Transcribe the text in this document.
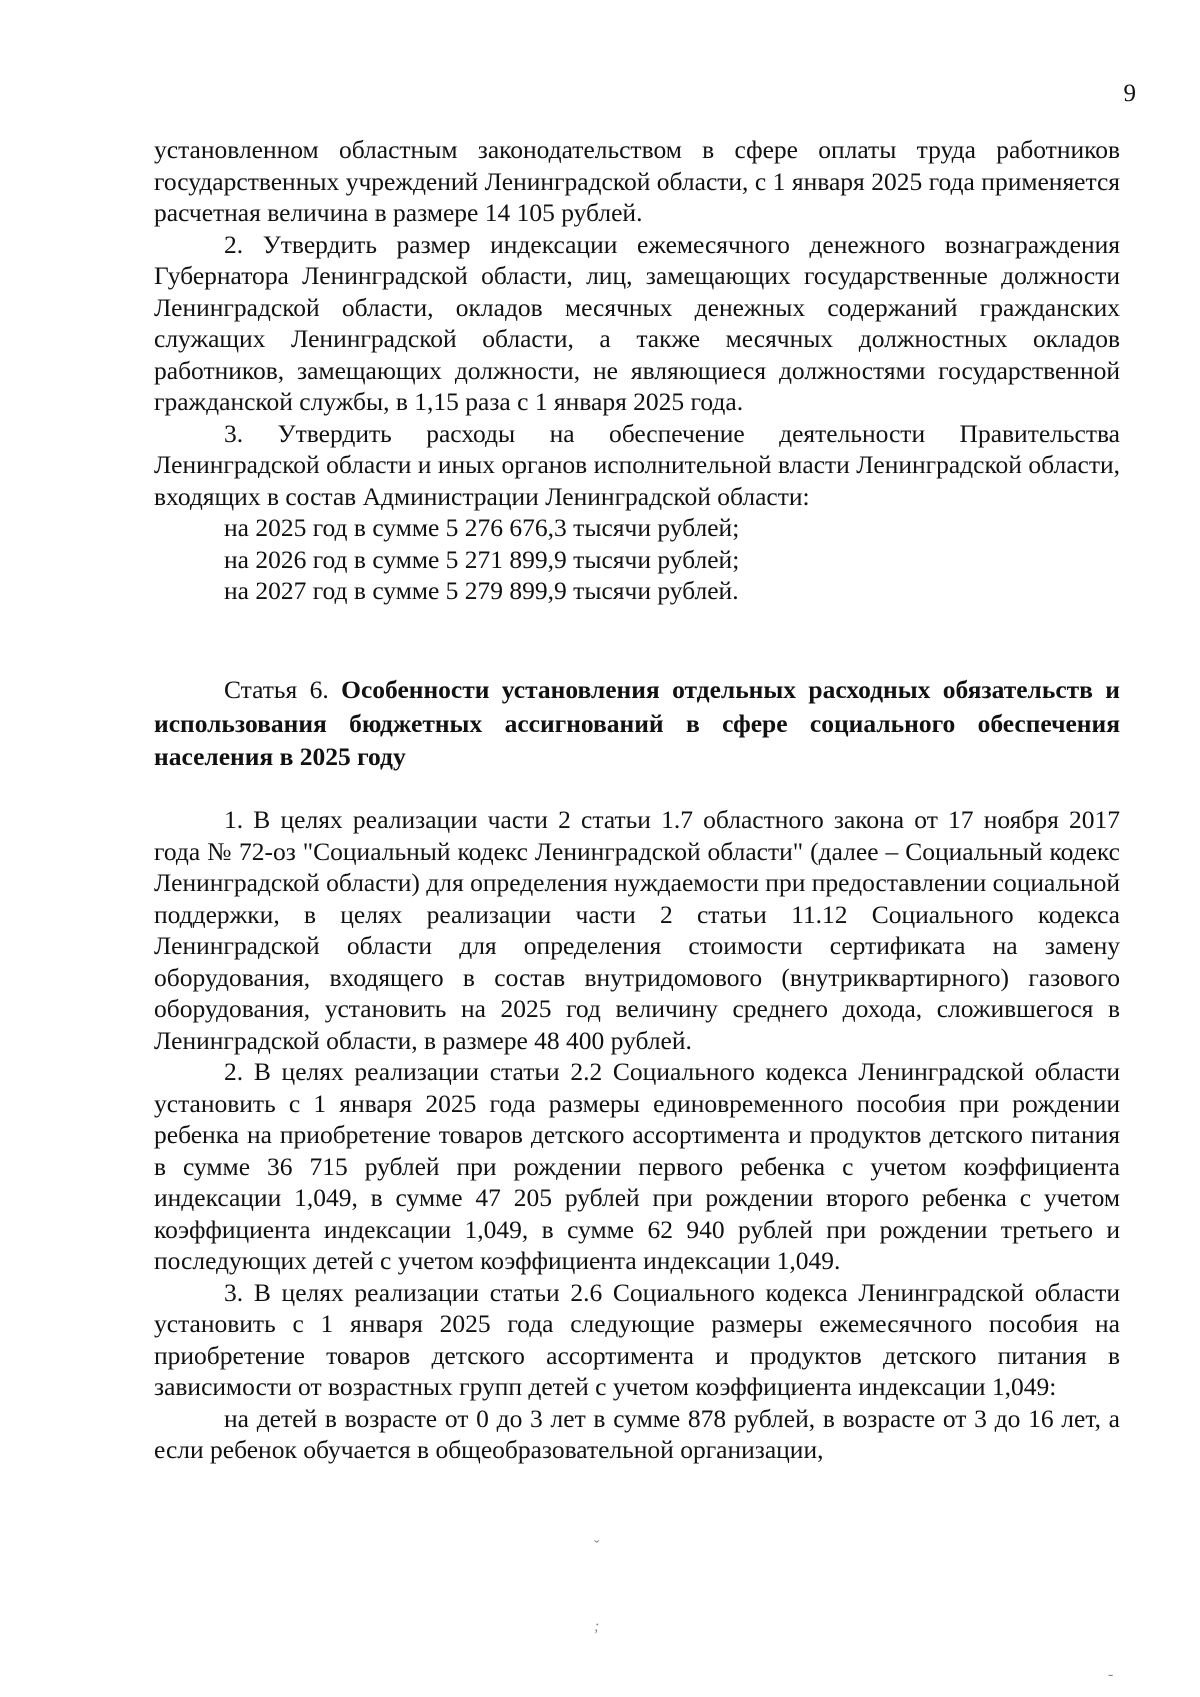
9

установленном областным законодательством в сфере оплаты труда работников государственных учреждений Ленинградской области, с 1 января 2025 года применяется расчетная величина в размере 14 105 рублей.

2. Утвердить размер индексации ежемесячного денежного вознаграждения Губернатора Ленинградской области, лиц, замещающих государственные должности Ленинградской области, окладов месячных денежных содержаний гражданских служащих Ленинградской области, а также месячных должностных окладов работников, замещающих должности, не являющиеся должностями государственной гражданской службы, в 1,15 раза с 1 января 2025 года.

3. Утвердить расходы на обеспечение деятельности Правительства Ленинградской области и иных органов исполнительной власти Ленинградской области, входящих в состав Администрации Ленинградской области:

на 2025 год в сумме 5 276 676,3 тысячи рублей;

на 2026 год в сумме 5 271 899,9 тысячи рублей;

на 2027 год в сумме 5 279 899,9 тысячи рублей.

Статья 6. Особенности установления отдельных расходных обязательств и использования бюджетных ассигнований в сфере социального обеспечения населения в 2025 году

1. В целях реализации части 2 статьи 1.7 областного закона от 17 ноября 2017 года № 72-оз "Социальный кодекс Ленинградской области" (далее – Социальный кодекс Ленинградской области) для определения нуждаемости при предоставлении социальной поддержки, в целях реализации части 2 статьи 11.12 Социального кодекса Ленинградской области для определения стоимости сертификата на замену оборудования, входящего в состав внутридомового (внутриквартирного) газового оборудования, установить на 2025 год величину среднего дохода, сложившегося в Ленинградской области, в размере 48 400 рублей.

2. В целях реализации статьи 2.2 Социального кодекса Ленинградской области установить с 1 января 2025 года размеры единовременного пособия при рождении ребенка на приобретение товаров детского ассортимента и продуктов детского питания в сумме 36 715 рублей при рождении первого ребенка с учетом коэффициента индексации 1,049, в сумме 47 205 рублей при рождении второго ребенка с учетом коэффициента индексации 1,049, в сумме 62 940 рублей при рождении третьего и последующих детей с учетом коэффициента индексации 1,049.

3. В целях реализации статьи 2.6 Социального кодекса Ленинградской области установить с 1 января 2025 года следующие размеры ежемесячного пособия на приобретение товаров детского ассортимента и продуктов детского питания в зависимости от возрастных групп детей с учетом коэффициента индексации 1,049:

на детей в возрасте от 0 до 3 лет в сумме 878 рублей, в возрасте от 3 до 16 лет, а если ребенок обучается в общеобразовательной организации,

ˇ
;
-
